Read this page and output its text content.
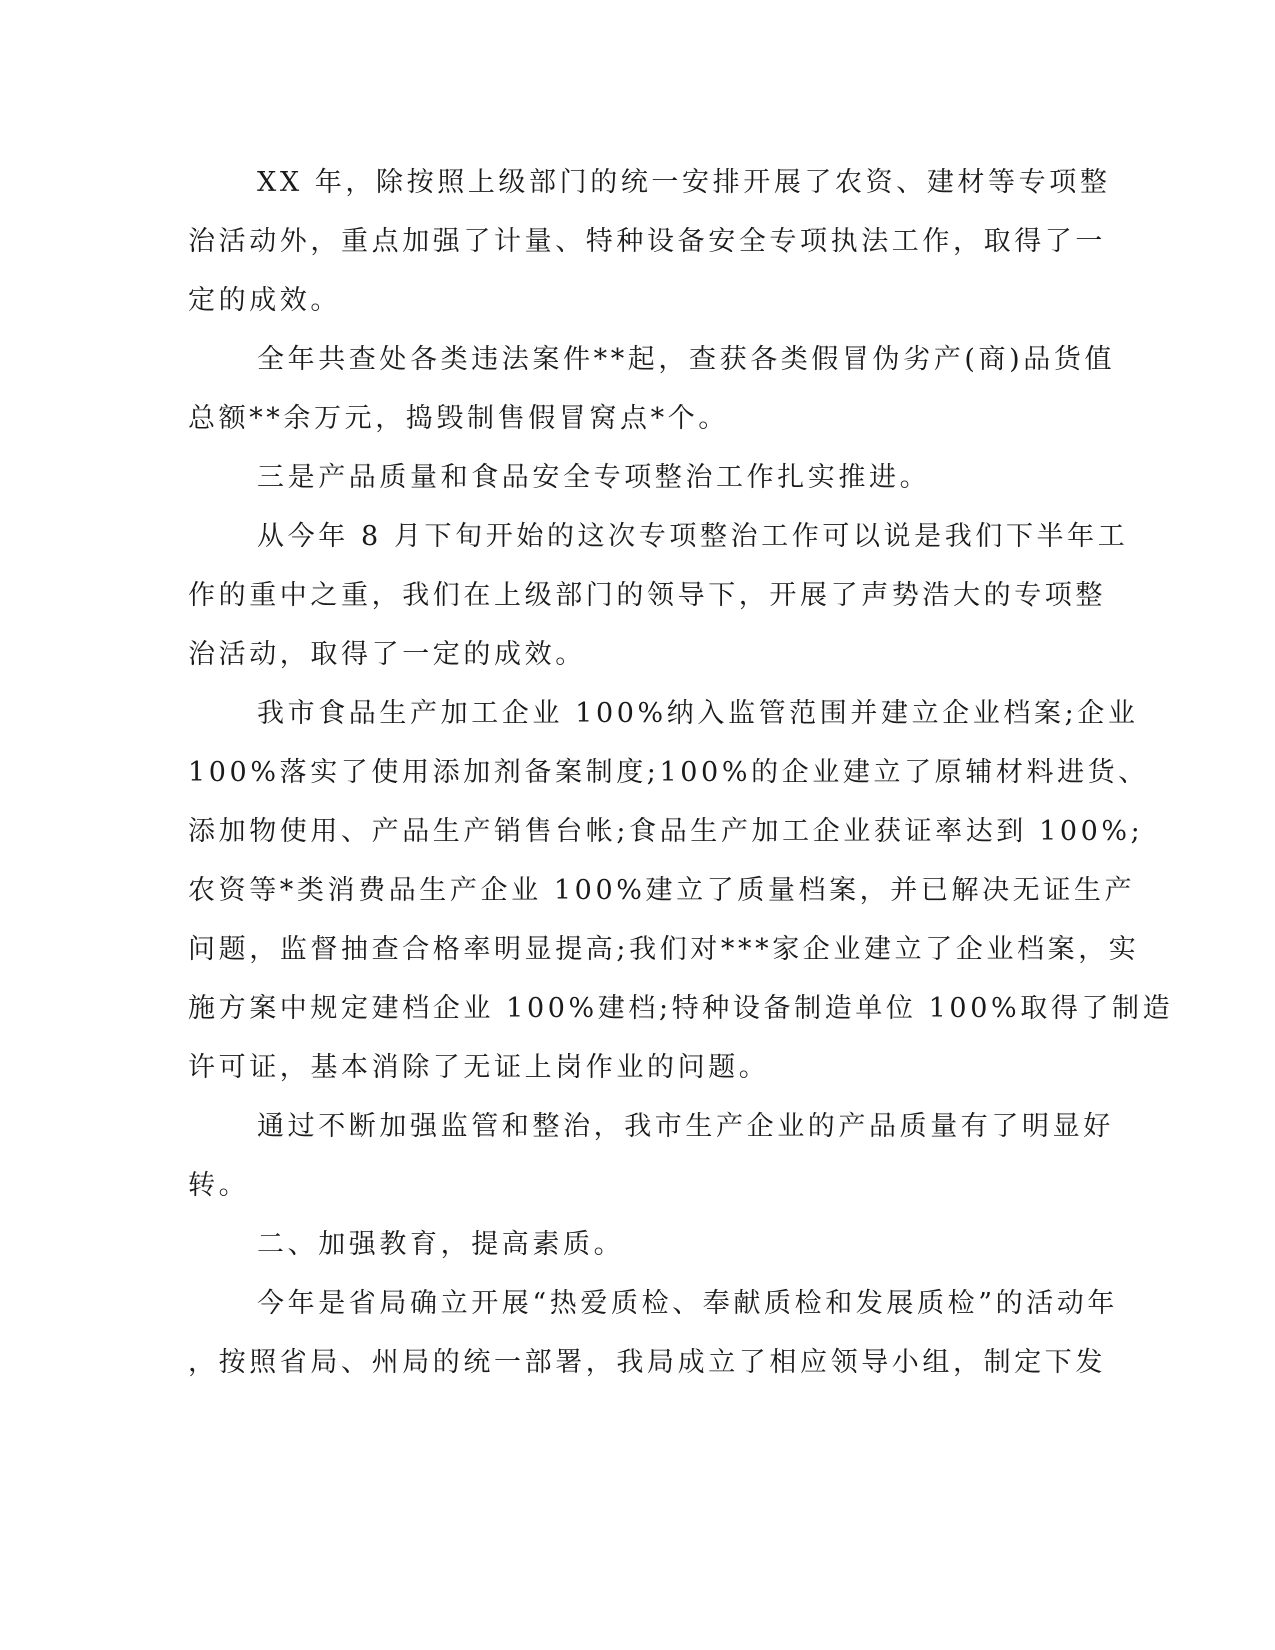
XX 年，除按照上级部门的统一安排开展了农资、建材等专项整

治活动外，重点加强了计量、特种设备安全专项执法工作，取得了一

定的成效。

全年共查处各类违法案件**起，查获各类假冒伪劣产(商)品货值

总额**余万元，捣毁制售假冒窝点*个。

三是产品质量和食品安全专项整治工作扎实推进。

从今年 8 月下旬开始的这次专项整治工作可以说是我们下半年工

作的重中之重，我们在上级部门的领导下，开展了声势浩大的专项整

治活动，取得了一定的成效。

我市食品生产加工企业 100%纳入监管范围并建立企业档案;企业

100%落实了使用添加剂备案制度;100%的企业建立了原辅材料进货、

添加物使用、产品生产销售台帐;食品生产加工企业获证率达到 100%;

农资等*类消费品生产企业 100%建立了质量档案，并已解决无证生产

问题，监督抽查合格率明显提高;我们对***家企业建立了企业档案，实

施方案中规定建档企业 100%建档;特种设备制造单位 100%取得了制造

许可证，基本消除了无证上岗作业的问题。

通过不断加强监管和整治，我市生产企业的产品质量有了明显好

转。

二、加强教育，提高素质。

今年是省局确立开展“热爱质检、奉献质检和发展质检”的活动年

，按照省局、州局的统一部署，我局成立了相应领导小组，制定下发
